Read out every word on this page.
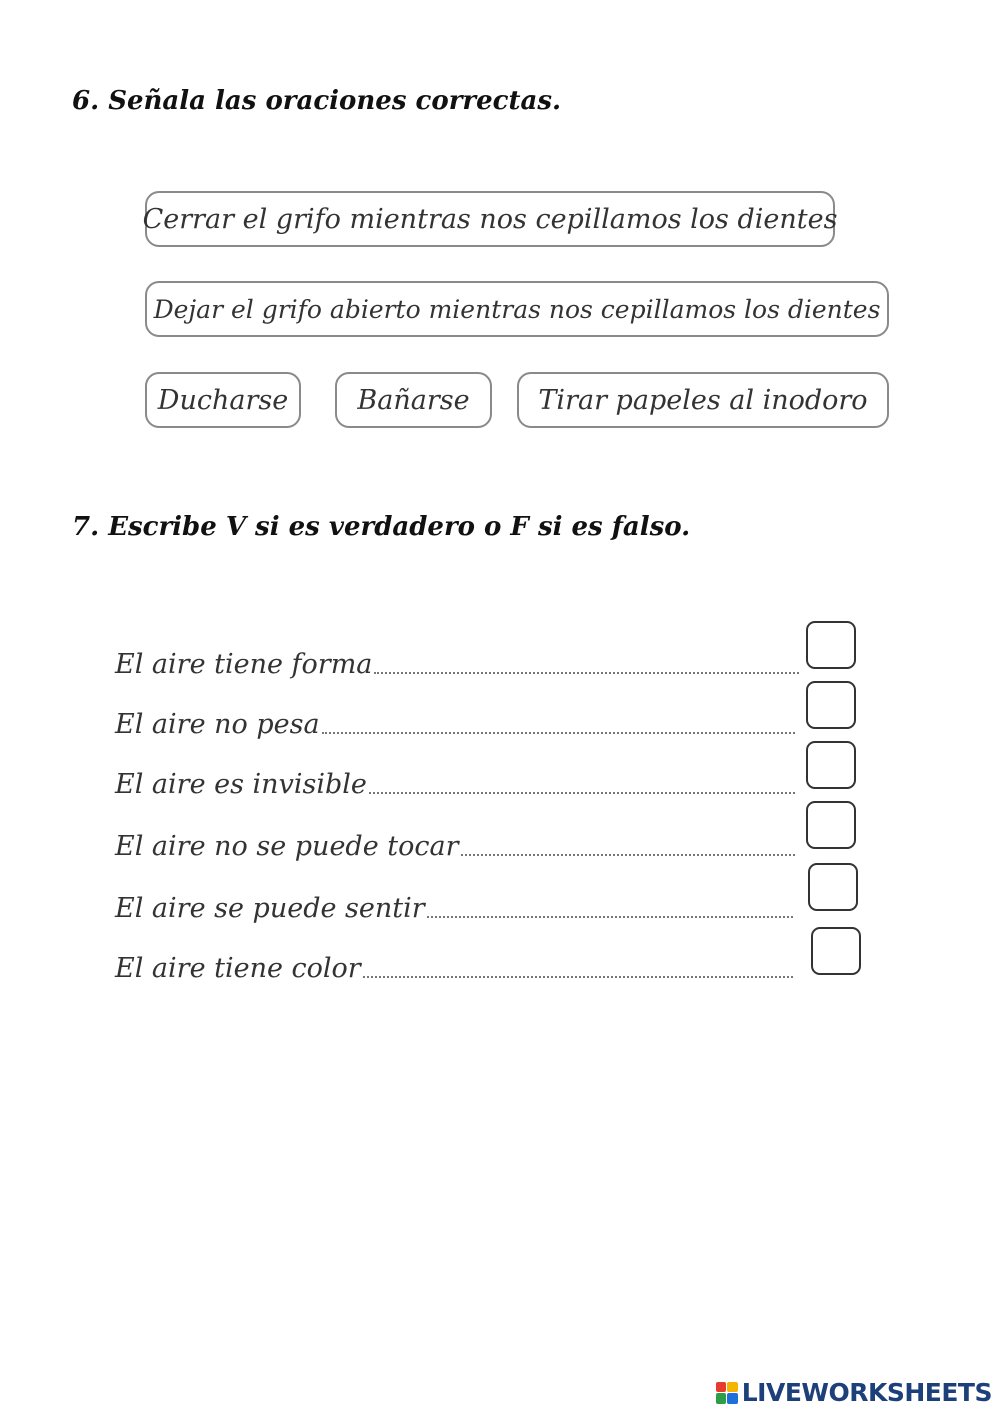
6. Señala las oraciones correctas.
Cerrar el grifo mientras nos cepillamos los dientes
Dejar el grifo abierto mientras nos cepillamos los dientes
Ducharse	Bañarse	Tirar papeles al inodoro
7. Escribe V si es verdadero o F si es falso.
El aire tiene forma
El aire no pesa
El aire es invisible
El aire no se puede tocar
El aire se puede sentir
El aire tiene color
LIVEWORKSHEETS
